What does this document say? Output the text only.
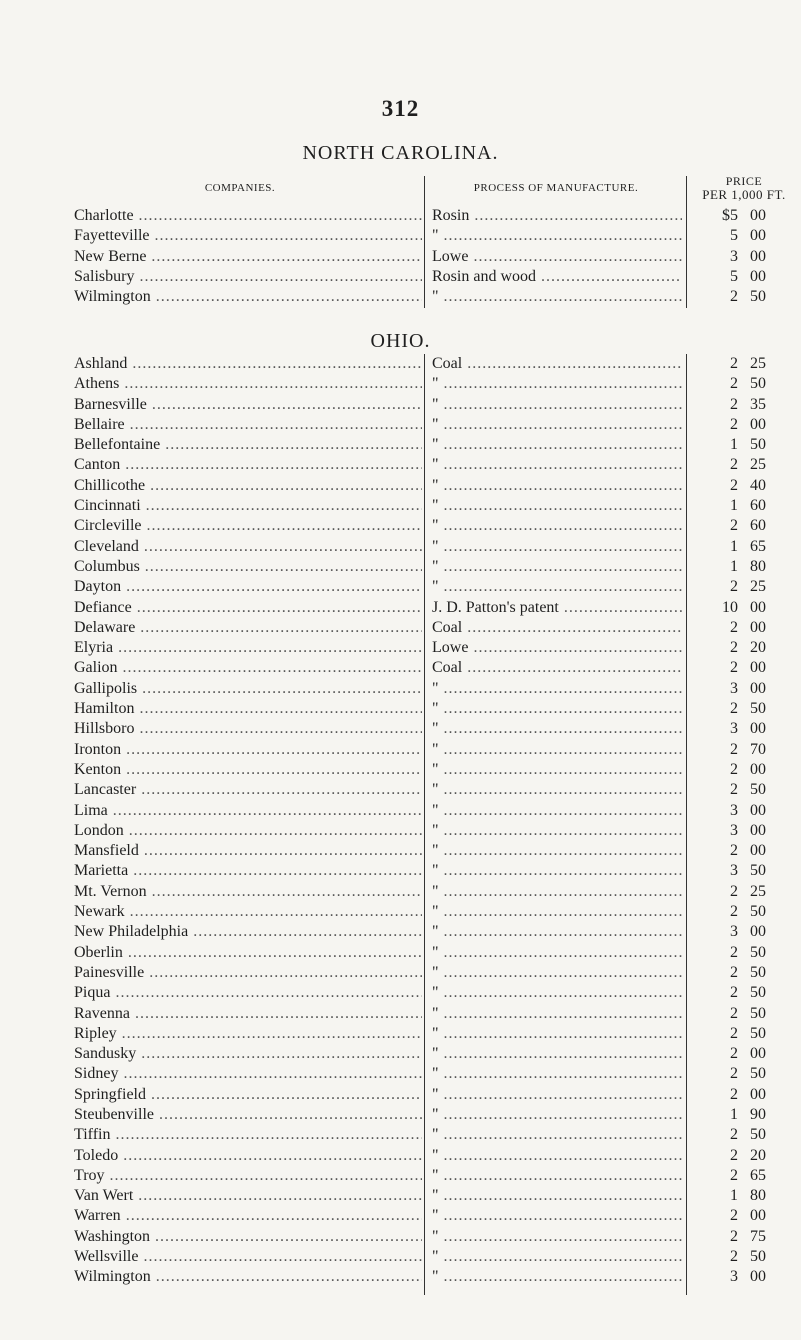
312
NORTH CAROLINA.
COMPANIES.	PROCESS OF MANUFACTURE.	PRICE
PER 1,000 FT.
Charlotte .....	Rosin .....	$5 00
Fayetteville .....	" .....	5 00
New Berne .....	Lowe .....	3 00
Salisbury .....	Rosin and wood .....	5 00
Wilmington .....	" .....	2 50
OHIO.
Ashland .....	Coal .....	2 25
Athens .....	" .....	2 50
Barnesville .....	" .....	2 35
Bellaire .....	" .....	2 00
Bellefontaine .....	" .....	1 50
Canton .....	" .....	2 25
Chillicothe .....	" .....	2 40
Cincinnati .....	" .....	1 60
Circleville .....	" .....	2 60
Cleveland .....	" .....	1 65
Columbus .....	" .....	1 80
Dayton .....	" .....	2 25
Defiance .....	J. D. Patton's patent .....	10 00
Delaware .....	Coal .....	2 00
Elyria .....	Lowe .....	2 20
Galion .....	Coal .....	2 00
Gallipolis .....	" .....	3 00
Hamilton .....	" .....	2 50
Hillsboro .....	" .....	3 00
Ironton .....	" .....	2 70
Kenton .....	" .....	2 00
Lancaster .....	" .....	2 50
Lima .....	" .....	3 00
London .....	" .....	3 00
Mansfield .....	" .....	2 00
Marietta .....	" .....	3 50
Mt. Vernon .....	" .....	2 25
Newark .....	" .....	2 50
New Philadelphia .....	" .....	3 00
Oberlin .....	" .....	2 50
Painesville .....	" .....	2 50
Piqua .....	" .....	2 50
Ravenna .....	" .....	2 50
Ripley .....	" .....	2 50
Sandusky .....	" .....	2 00
Sidney .....	" .....	2 50
Springfield .....	" .....	2 00
Steubenville .....	" .....	1 90
Tiffin .....	" .....	2 50
Toledo .....	" .....	2 20
Troy .....	" .....	2 65
Van Wert .....	" .....	1 80
Warren .....	" .....	2 00
Washington .....	" .....	2 75
Wellsville .....	" .....	2 50
Wilmington .....	" .....	3 00
